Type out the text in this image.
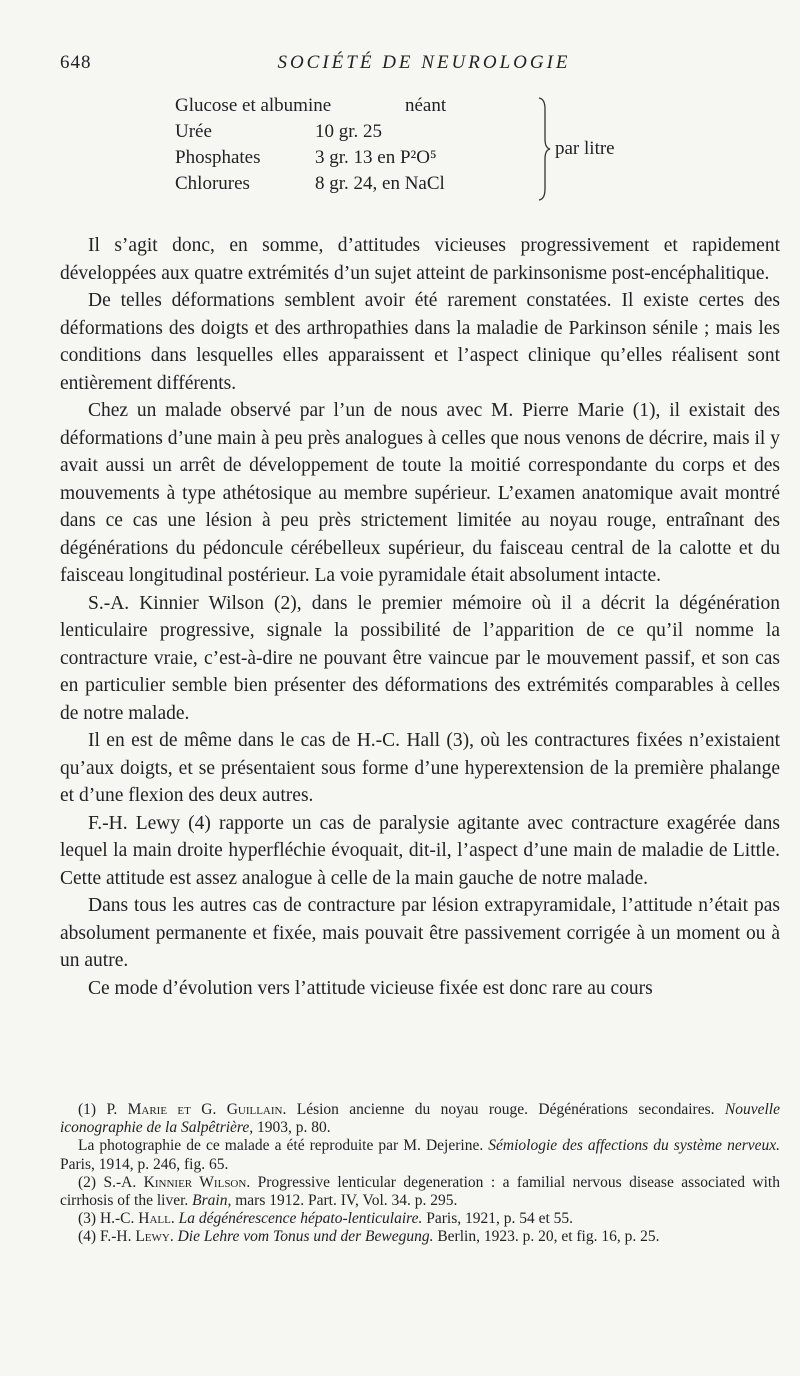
648	SOCIÉTÉ DE NEUROLOGIE
Glucose et albumine	néant
Urée	10 gr. 25
Phosphates	3 gr. 13 en P²O⁵
Chlorures	8 gr. 24, en NaCl
par litre

Il s’agit donc, en somme, d’attitudes vicieuses progressivement et rapidement développées aux quatre extrémités d’un sujet atteint de parkinsonisme post-encéphalitique.

De telles déformations semblent avoir été rarement constatées. Il existe certes des déformations des doigts et des arthropathies dans la maladie de Parkinson sénile ; mais les conditions dans lesquelles elles apparaissent et l’aspect clinique qu’elles réalisent sont entièrement différents.

Chez un malade observé par l’un de nous avec M. Pierre Marie (1), il existait des déformations d’une main à peu près analogues à celles que nous venons de décrire, mais il y avait aussi un arrêt de développement de toute la moitié correspondante du corps et des mouvements à type athétosique au membre supérieur. L’examen anatomique avait montré dans ce cas une lésion à peu près strictement limitée au noyau rouge, entraînant des dégénérations du pédoncule cérébelleux supérieur, du faisceau central de la calotte et du faisceau longitudinal postérieur. La voie pyramidale était absolument intacte.

S.-A. Kinnier Wilson (2), dans le premier mémoire où il a décrit la dégénération lenticulaire progressive, signale la possibilité de l’apparition de ce qu’il nomme la contracture vraie, c’est-à-dire ne pouvant être vaincue par le mouvement passif, et son cas en particulier semble bien présenter des déformations des extrémités comparables à celles de notre malade.

Il en est de même dans le cas de H.-C. Hall (3), où les contractures fixées n’existaient qu’aux doigts, et se présentaient sous forme d’une hyperextension de la première phalange et d’une flexion des deux autres.

F.-H. Lewy (4) rapporte un cas de paralysie agitante avec contracture exagérée dans lequel la main droite hyperfléchie évoquait, dit-il, l’aspect d’une main de maladie de Little. Cette attitude est assez analogue à celle de la main gauche de notre malade.

Dans tous les autres cas de contracture par lésion extrapyramidale, l’attitude n’était pas absolument permanente et fixée, mais pouvait être passivement corrigée à un moment ou à un autre.

Ce mode d’évolution vers l’attitude vicieuse fixée est donc rare au cours

(1) P. Marie et G. Guillain. Lésion ancienne du noyau rouge. Dégénérations secondaires. Nouvelle iconographie de la Salpêtrière, 1903, p. 80.

La photographie de ce malade a été reproduite par M. Dejerine. Sémiologie des affections du système nerveux. Paris, 1914, p. 246, fig. 65.

(2) S.-A. Kinnier Wilson. Progressive lenticular degeneration : a familial nervous disease associated with cirrhosis of the liver. Brain, mars 1912. Part. IV, Vol. 34. p. 295.

(3) H.-C. Hall. La dégénérescence hépato-lenticulaire. Paris, 1921, p. 54 et 55.

(4) F.-H. Lewy. Die Lehre vom Tonus und der Bewegung. Berlin, 1923. p. 20, et fig. 16, p. 25.
